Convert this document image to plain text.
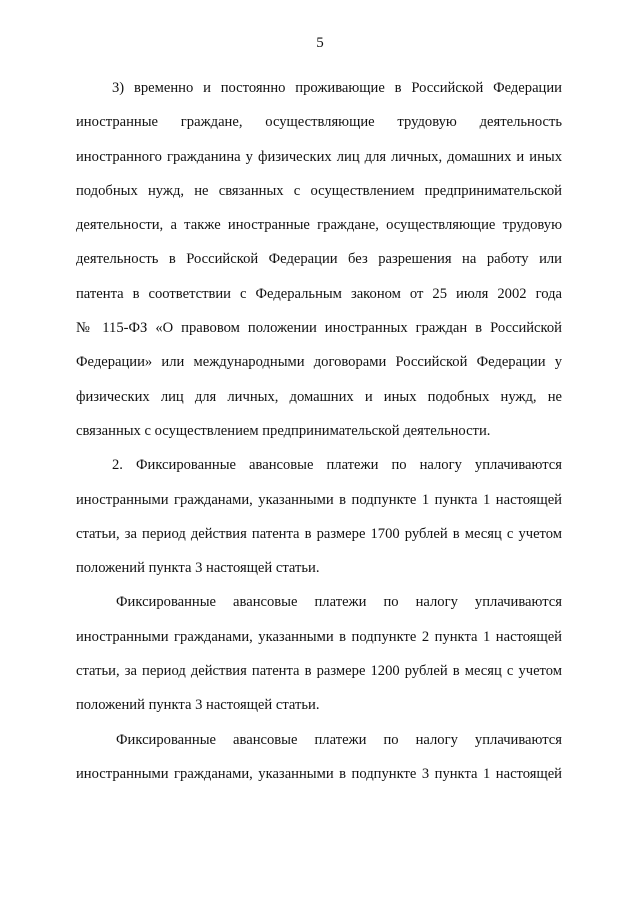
5
3) временно и постоянно проживающие в Российской Федерации
иностранные граждане, осуществляющие трудовую деятельность
иностранного гражданина у физических лиц для личных, домашних и иных
подобных нужд, не связанных с осуществлением предпринимательской
деятельности, а также иностранные граждане, осуществляющие трудовую
деятельность в Российской Федерации без разрешения на работу или
патента в соответствии с Федеральным законом от 25 июля 2002 года
№ 115-ФЗ «О правовом положении иностранных граждан в Российской
Федерации» или международными договорами Российской Федерации у
физических лиц для личных, домашних и иных подобных нужд, не
связанных с осуществлением предпринимательской деятельности.
2. Фиксированные авансовые платежи по налогу уплачиваются
иностранными гражданами, указанными в подпункте 1 пункта 1 настоящей
статьи, за период действия патента в размере 1700 рублей в месяц с учетом
положений пункта 3 настоящей статьи.
Фиксированные авансовые платежи по налогу уплачиваются
иностранными гражданами, указанными в подпункте 2 пункта 1 настоящей
статьи, за период действия патента в размере 1200 рублей в месяц с учетом
положений пункта 3 настоящей статьи.
Фиксированные авансовые платежи по налогу уплачиваются
иностранными гражданами, указанными в подпункте 3 пункта 1 настоящей
